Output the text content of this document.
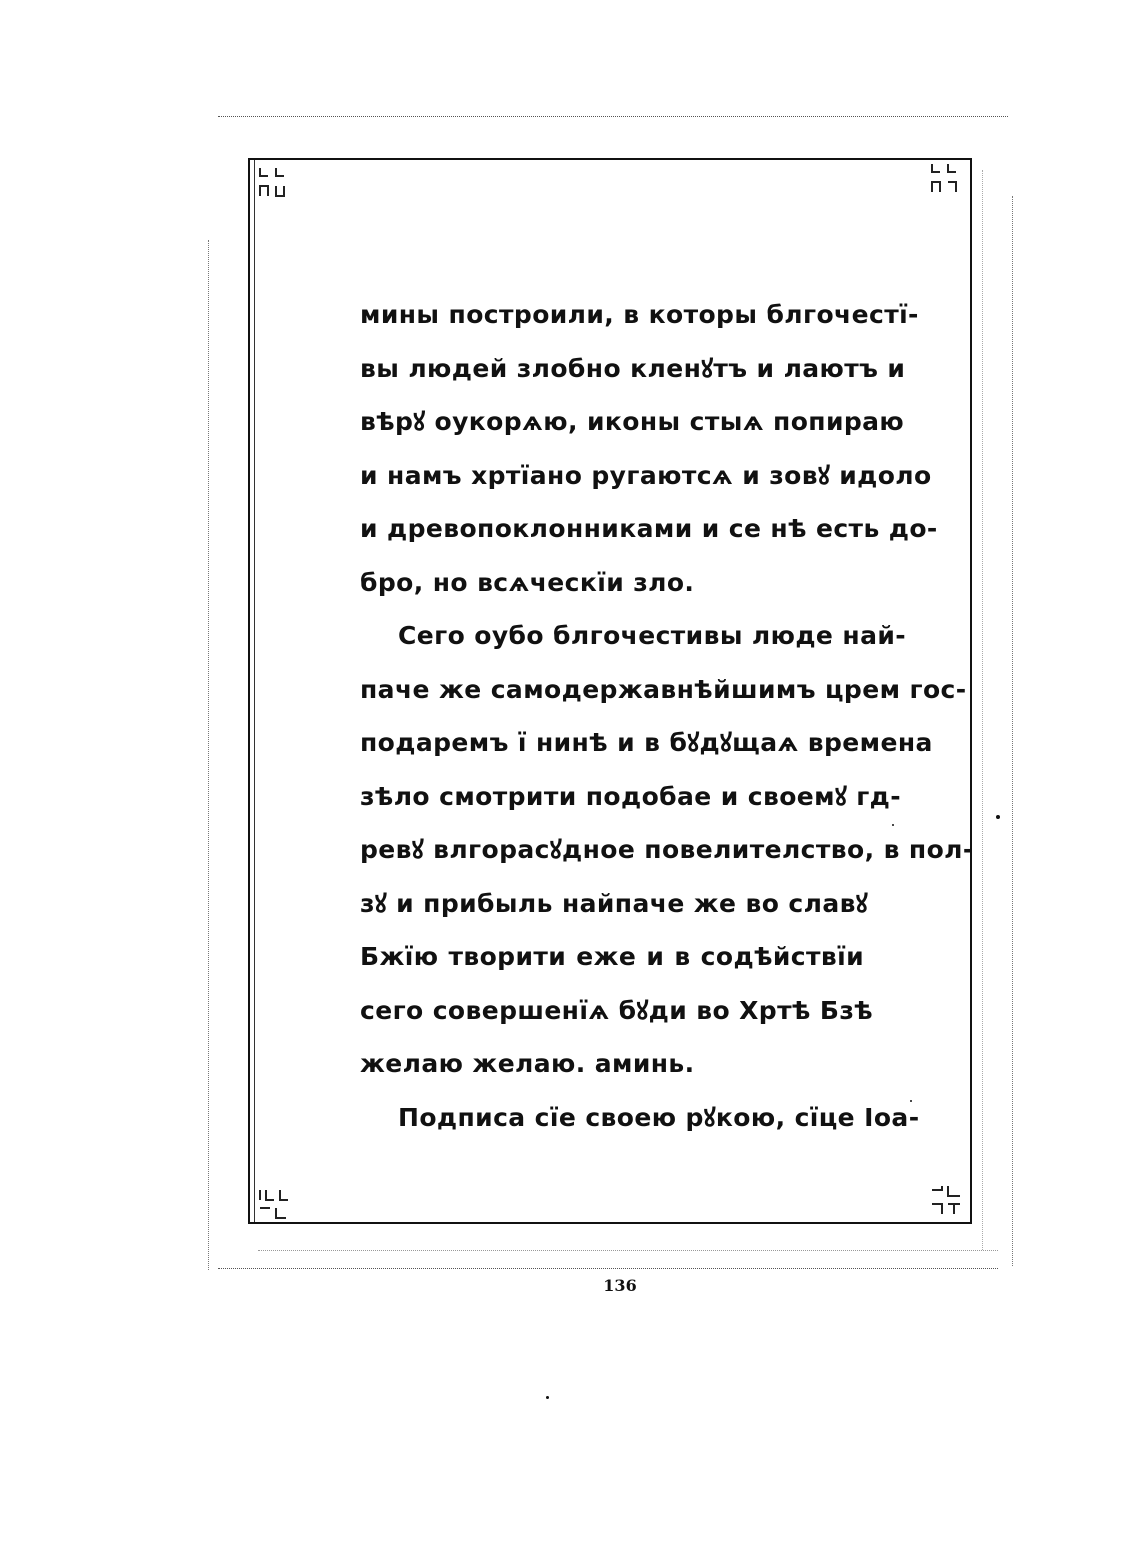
мины построили, в которы блгочестї-
вы людей злобно кленꙋтъ и лаютъ и
вѣрꙋ оукорѧю, иконы стыѧ попираю
и намъ хртїано ругаютсѧ и зовꙋ идоло
и древопоклонниками и се нѣ есть до-
бро, но всѧческїи зло.
Сего оубо блгочестивы люде най-
паче же самодержавнѣйшимъ црем гос-
подаремъ ї нинѣ и в бꙋдꙋщаѧ времена
зѣло смотрити подобае и своемꙋ гд-
ревꙋ влгорасꙋдное повелителство, в пол-
зꙋ и прибыль найпаче же во славꙋ
Бжїю творити еже и в содѣйствїи
сего совершенїѧ бꙋди во Хртѣ Бзѣ
желаю желаю. аминь.
Подписа сїе своею рꙋкою, сїце Іоа-
136
